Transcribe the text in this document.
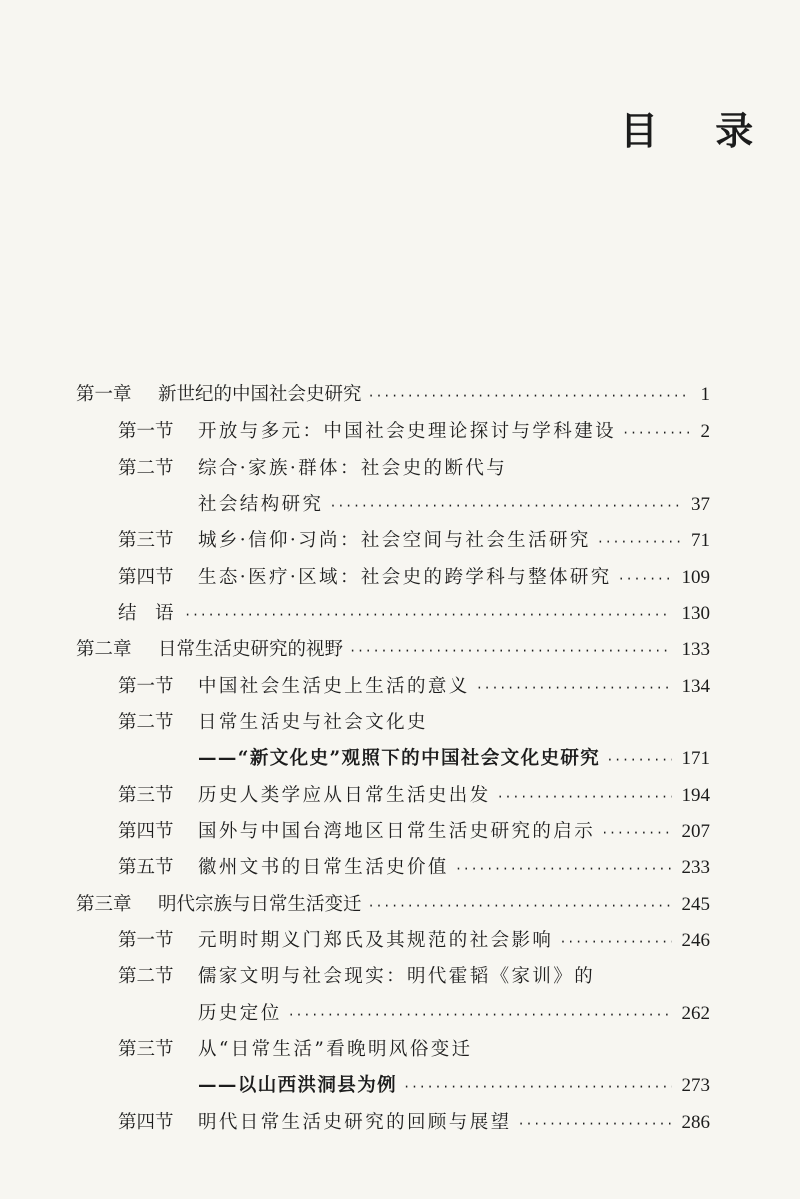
目 录
第一章	新世纪的中国社会史研究 ·····	1
第一节	开放与多元：中国社会史理论探讨与学科建设 ·····	2
第二节	综合·家族·群体：社会史的断代与
社会结构研究 ·····	37
第三节	城乡·信仰·习尚：社会空间与社会生活研究 ·····	71
第四节	生态·医疗·区域：社会史的跨学科与整体研究 ·····	109
结　语 ·····	130
第二章	日常生活史研究的视野 ·····	133
第一节	中国社会生活史上生活的意义 ·····	134
第二节	日常生活史与社会文化史
——“新文化史”观照下的中国社会文化史研究 ·····	171
第三节	历史人类学应从日常生活史出发 ·····	194
第四节	国外与中国台湾地区日常生活史研究的启示 ·····	207
第五节	徽州文书的日常生活史价值 ·····	233
第三章	明代宗族与日常生活变迁 ·····	245
第一节	元明时期义门郑氏及其规范的社会影响 ·····	246
第二节	儒家文明与社会现实：明代霍韬《家训》的
历史定位 ·····	262
第三节	从“日常生活”看晚明风俗变迁
——以山西洪洞县为例 ·····	273
第四节	明代日常生活史研究的回顾与展望 ·····	286
